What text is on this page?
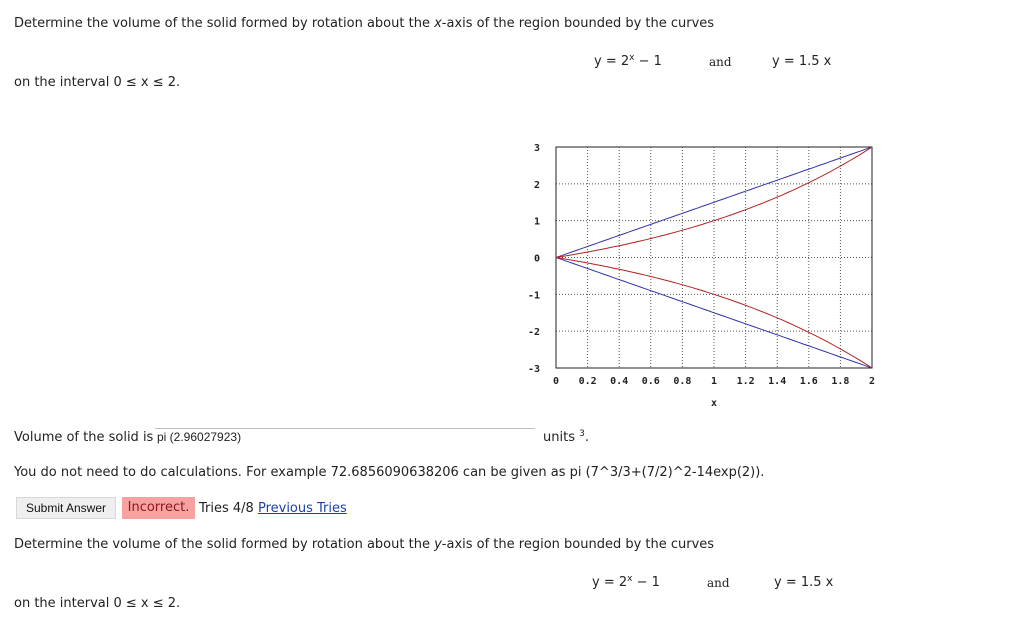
Determine the volume of the solid formed by rotation about the x-axis of the region bounded by the curves
$y = 2^x - 1$	and	y = 1.5 x
on the interval 0 ≤ x ≤ 2.
3
2
1
0
-1
-2
-3
0 0.2 0.4 0.6 0.8 1 1.2 1.4 1.6 1.8 2
x
Volume of the solid is
pi (2.96027923)	units $^3$.
You do not need to do calculations. For example 72.6856090638206 can be given as pi (7^3/3+(7/2)^2-14exp(2)).
Submit Answer	Incorrect. Tries 4/8 Previous Tries
Determine the volume of the solid formed by rotation about the y-axis of the region bounded by the curves
$y = 2^x - 1$	and	y = 1.5 x
on the interval 0 ≤ x ≤ 2.
